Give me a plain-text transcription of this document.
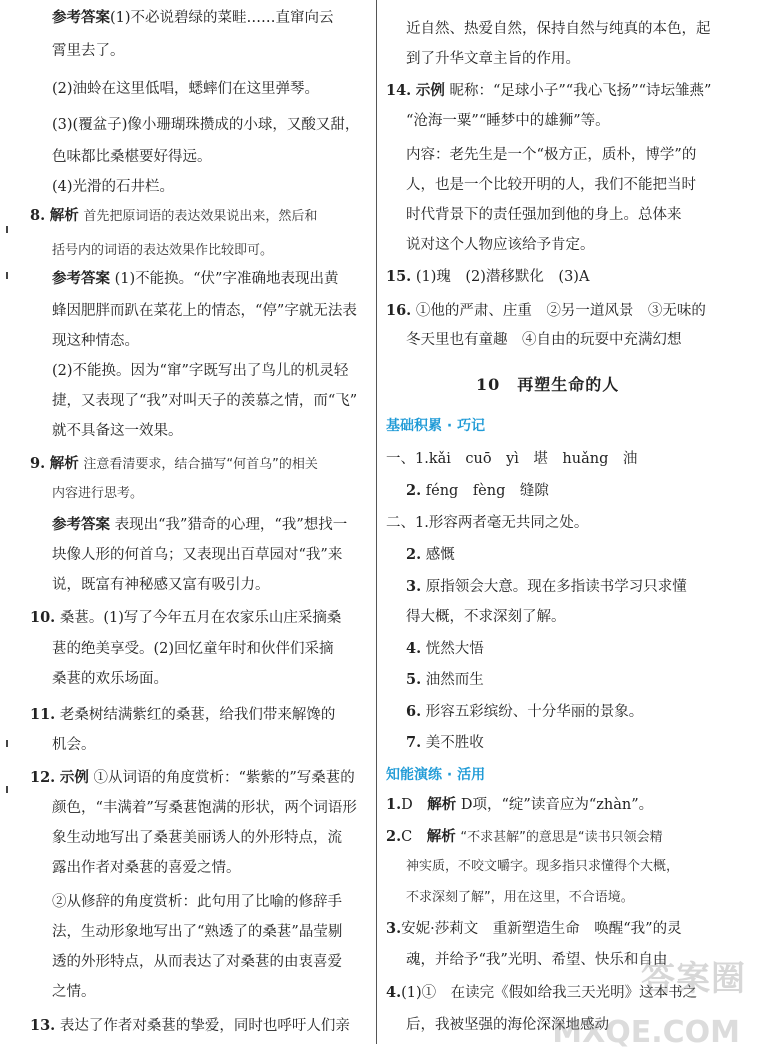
参考答案(1)不必说碧绿的菜畦……直窜向云

霄里去了。

(2)油蛉在这里低唱，蟋蟀们在这里弹琴。

(3)(覆盆子)像小珊瑚珠攒成的小球，又酸又甜，

色味都比桑椹要好得远。

(4)光滑的石井栏。

8. 解析 首先把原词语的表达效果说出来，然后和

括号内的词语的表达效果作比较即可。

参考答案 (1)不能换。“伏”字准确地表现出黄

蜂因肥胖而趴在菜花上的情态，“停”字就无法表

现这种情态。

(2)不能换。因为“窜”字既写出了鸟儿的机灵轻

捷，又表现了“我”对叫天子的羡慕之情，而“飞”

就不具备这一效果。

9. 解析 注意看清要求，结合描写“何首乌”的相关

内容进行思考。

参考答案 表现出“我”猎奇的心理，“我”想找一

块像人形的何首乌；又表现出百草园对“我”来

说，既富有神秘感又富有吸引力。

10. 桑葚。(1)写了今年五月在农家乐山庄采摘桑

葚的绝美享受。(2)回忆童年时和伙伴们采摘

桑葚的欢乐场面。

11. 老桑树结满紫红的桑葚，给我们带来解馋的

机会。

12. 示例 ①从词语的角度赏析：“紫紫的”写桑葚的

颜色，“丰满着”写桑葚饱满的形状，两个词语形

象生动地写出了桑葚美丽诱人的外形特点，流

露出作者对桑葚的喜爱之情。

②从修辞的角度赏析：此句用了比喻的修辞手

法，生动形象地写出了“熟透了的桑葚”晶莹剔

透的外形特点，从而表达了对桑葚的由衷喜爱

之情。

13. 表达了作者对桑葚的挚爱，同时也呼吁人们亲

近自然、热爱自然，保持自然与纯真的本色，起

到了升华文章主旨的作用。

14. 示例 昵称：“足球小子”“我心飞扬”“诗坛雏燕”

“沧海一粟”“睡梦中的雄狮”等。

内容：老先生是一个“极方正，质朴，博学”的

人，也是一个比较开明的人，我们不能把当时

时代背景下的责任强加到他的身上。总体来

说对这个人物应该给予肯定。

15. (1)瑰　(2)潜移默化　(3)A

16. ①他的严肃、庄重　②另一道风景　③无味的

冬天里也有童趣　④自由的玩耍中充满幻想

10　再塑生命的人

基础积累 · 巧记

一、1.kǎi　cuō　yì　堪　huǎng　油

2. féng　fèng　缝隙

二、1.形容两者毫无共同之处。

2. 感慨

3. 原指领会大意。现在多指读书学习只求懂

得大概，不求深刻了解。

4. 恍然大悟

5. 油然而生

6. 形容五彩缤纷、十分华丽的景象。

7. 美不胜收

知能演练 · 活用

1.D　 解析 D项，“绽”读音应为“zhàn”。

2.C　 解析 “不求甚解”的意思是“读书只领会精

神实质，不咬文嚼字。现多指只求懂得个大概，

不求深刻了解”，用在这里，不合语境。

3.安妮·莎莉文　重新塑造生命　唤醒“我”的灵

魂，并给予“我”光明、希望、快乐和自由

4.(1)①　在读完《假如给我三天光明》这本书之

后，我被坚强的海伦深深地感动

答案圈
MXQE.COM
